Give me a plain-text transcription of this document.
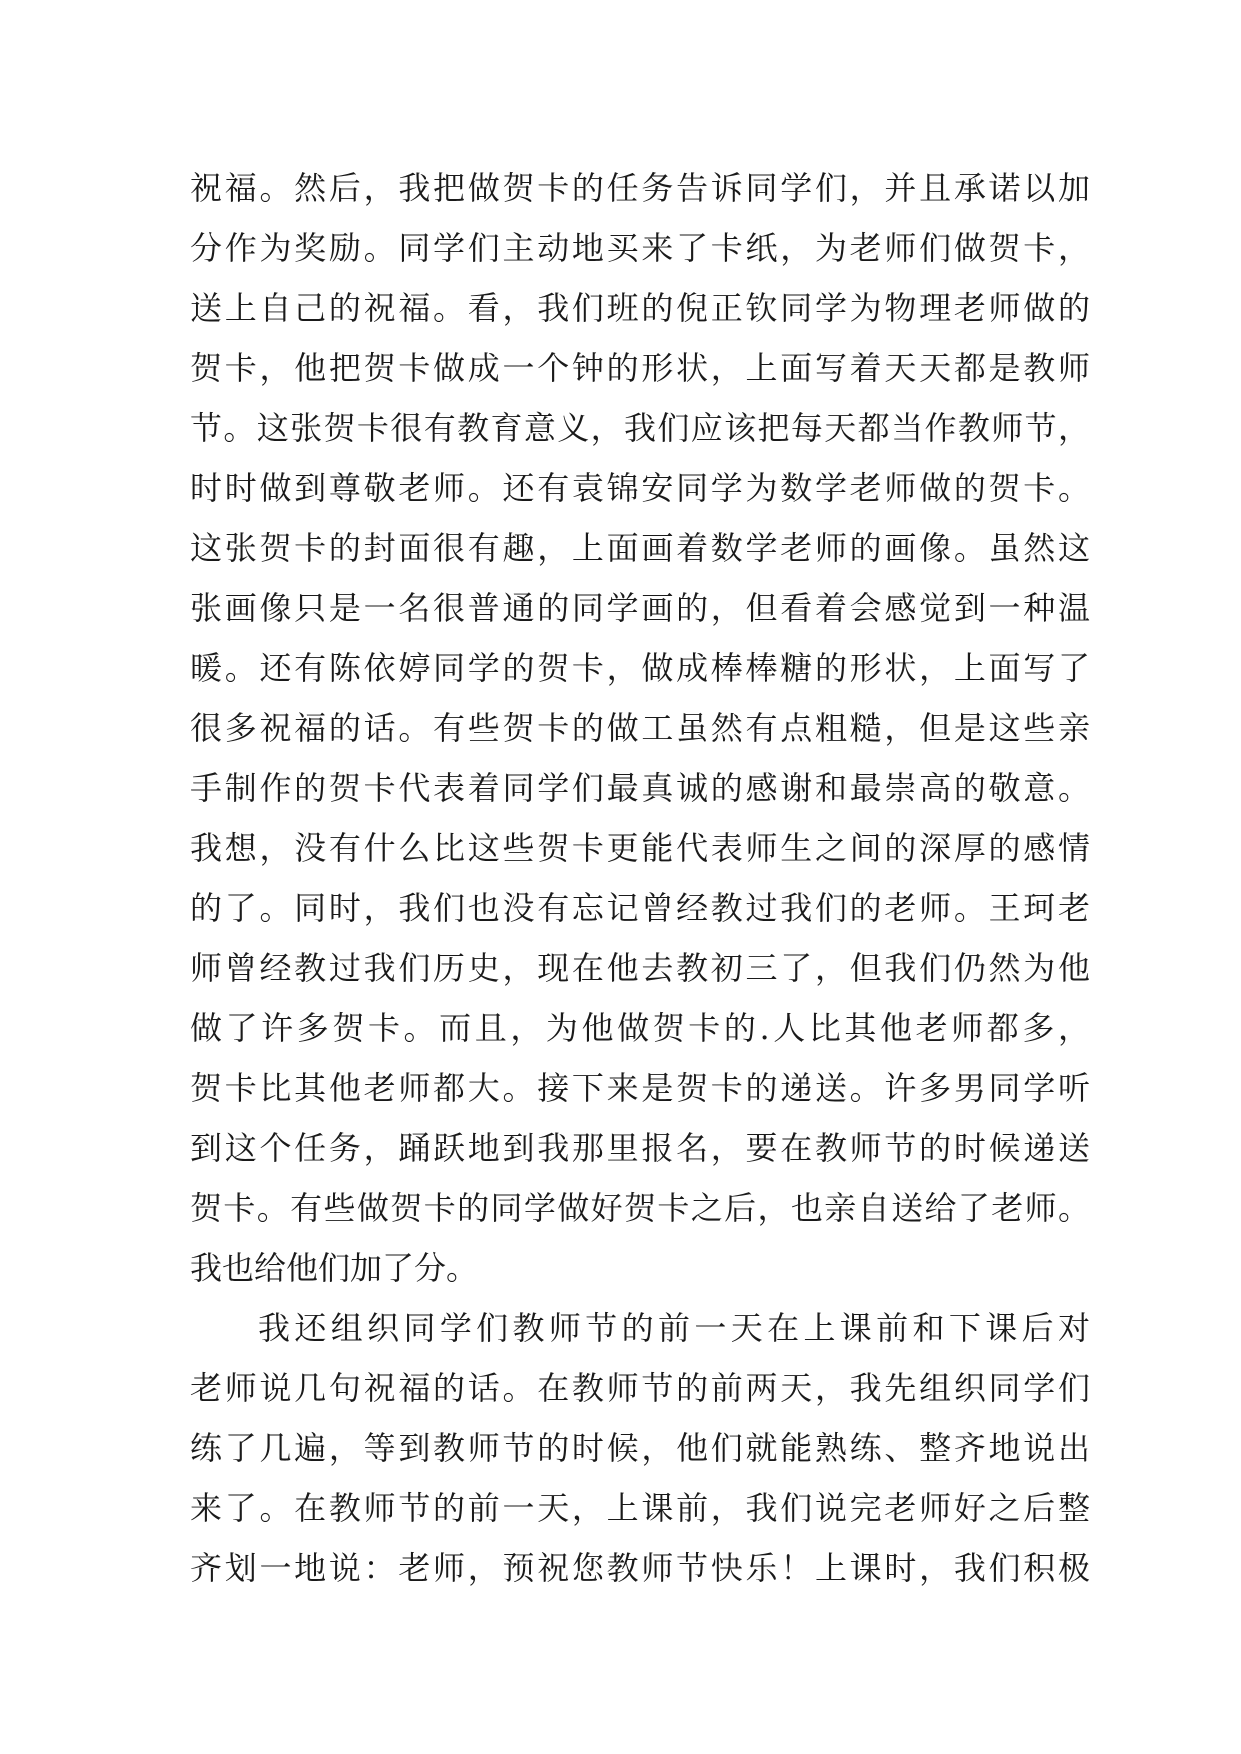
祝福。然后，我把做贺卡的任务告诉同学们，并且承诺以加
分作为奖励。同学们主动地买来了卡纸，为老师们做贺卡，
送上自己的祝福。看，我们班的倪正钦同学为物理老师做的
贺卡，他把贺卡做成一个钟的形状，上面写着天天都是教师
节。这张贺卡很有教育意义，我们应该把每天都当作教师节，
时时做到尊敬老师。还有袁锦安同学为数学老师做的贺卡。
这张贺卡的封面很有趣，上面画着数学老师的画像。虽然这
张画像只是一名很普通的同学画的，但看着会感觉到一种温
暖。还有陈依婷同学的贺卡，做成棒棒糖的形状，上面写了
很多祝福的话。有些贺卡的做工虽然有点粗糙，但是这些亲
手制作的贺卡代表着同学们最真诚的感谢和最崇高的敬意。
我想，没有什么比这些贺卡更能代表师生之间的深厚的感情
的了。同时，我们也没有忘记曾经教过我们的老师。王珂老
师曾经教过我们历史，现在他去教初三了，但我们仍然为他
做了许多贺卡。而且，为他做贺卡的.人比其他老师都多，
贺卡比其他老师都大。接下来是贺卡的递送。许多男同学听
到这个任务，踊跃地到我那里报名，要在教师节的时候递送
贺卡。有些做贺卡的同学做好贺卡之后，也亲自送给了老师。
我也给他们加了分。
我还组织同学们教师节的前一天在上课前和下课后对
老师说几句祝福的话。在教师节的前两天，我先组织同学们
练了几遍，等到教师节的时候，他们就能熟练、整齐地说出
来了。在教师节的前一天，上课前，我们说完老师好之后整
齐划一地说：老师，预祝您教师节快乐！上课时，我们积极
